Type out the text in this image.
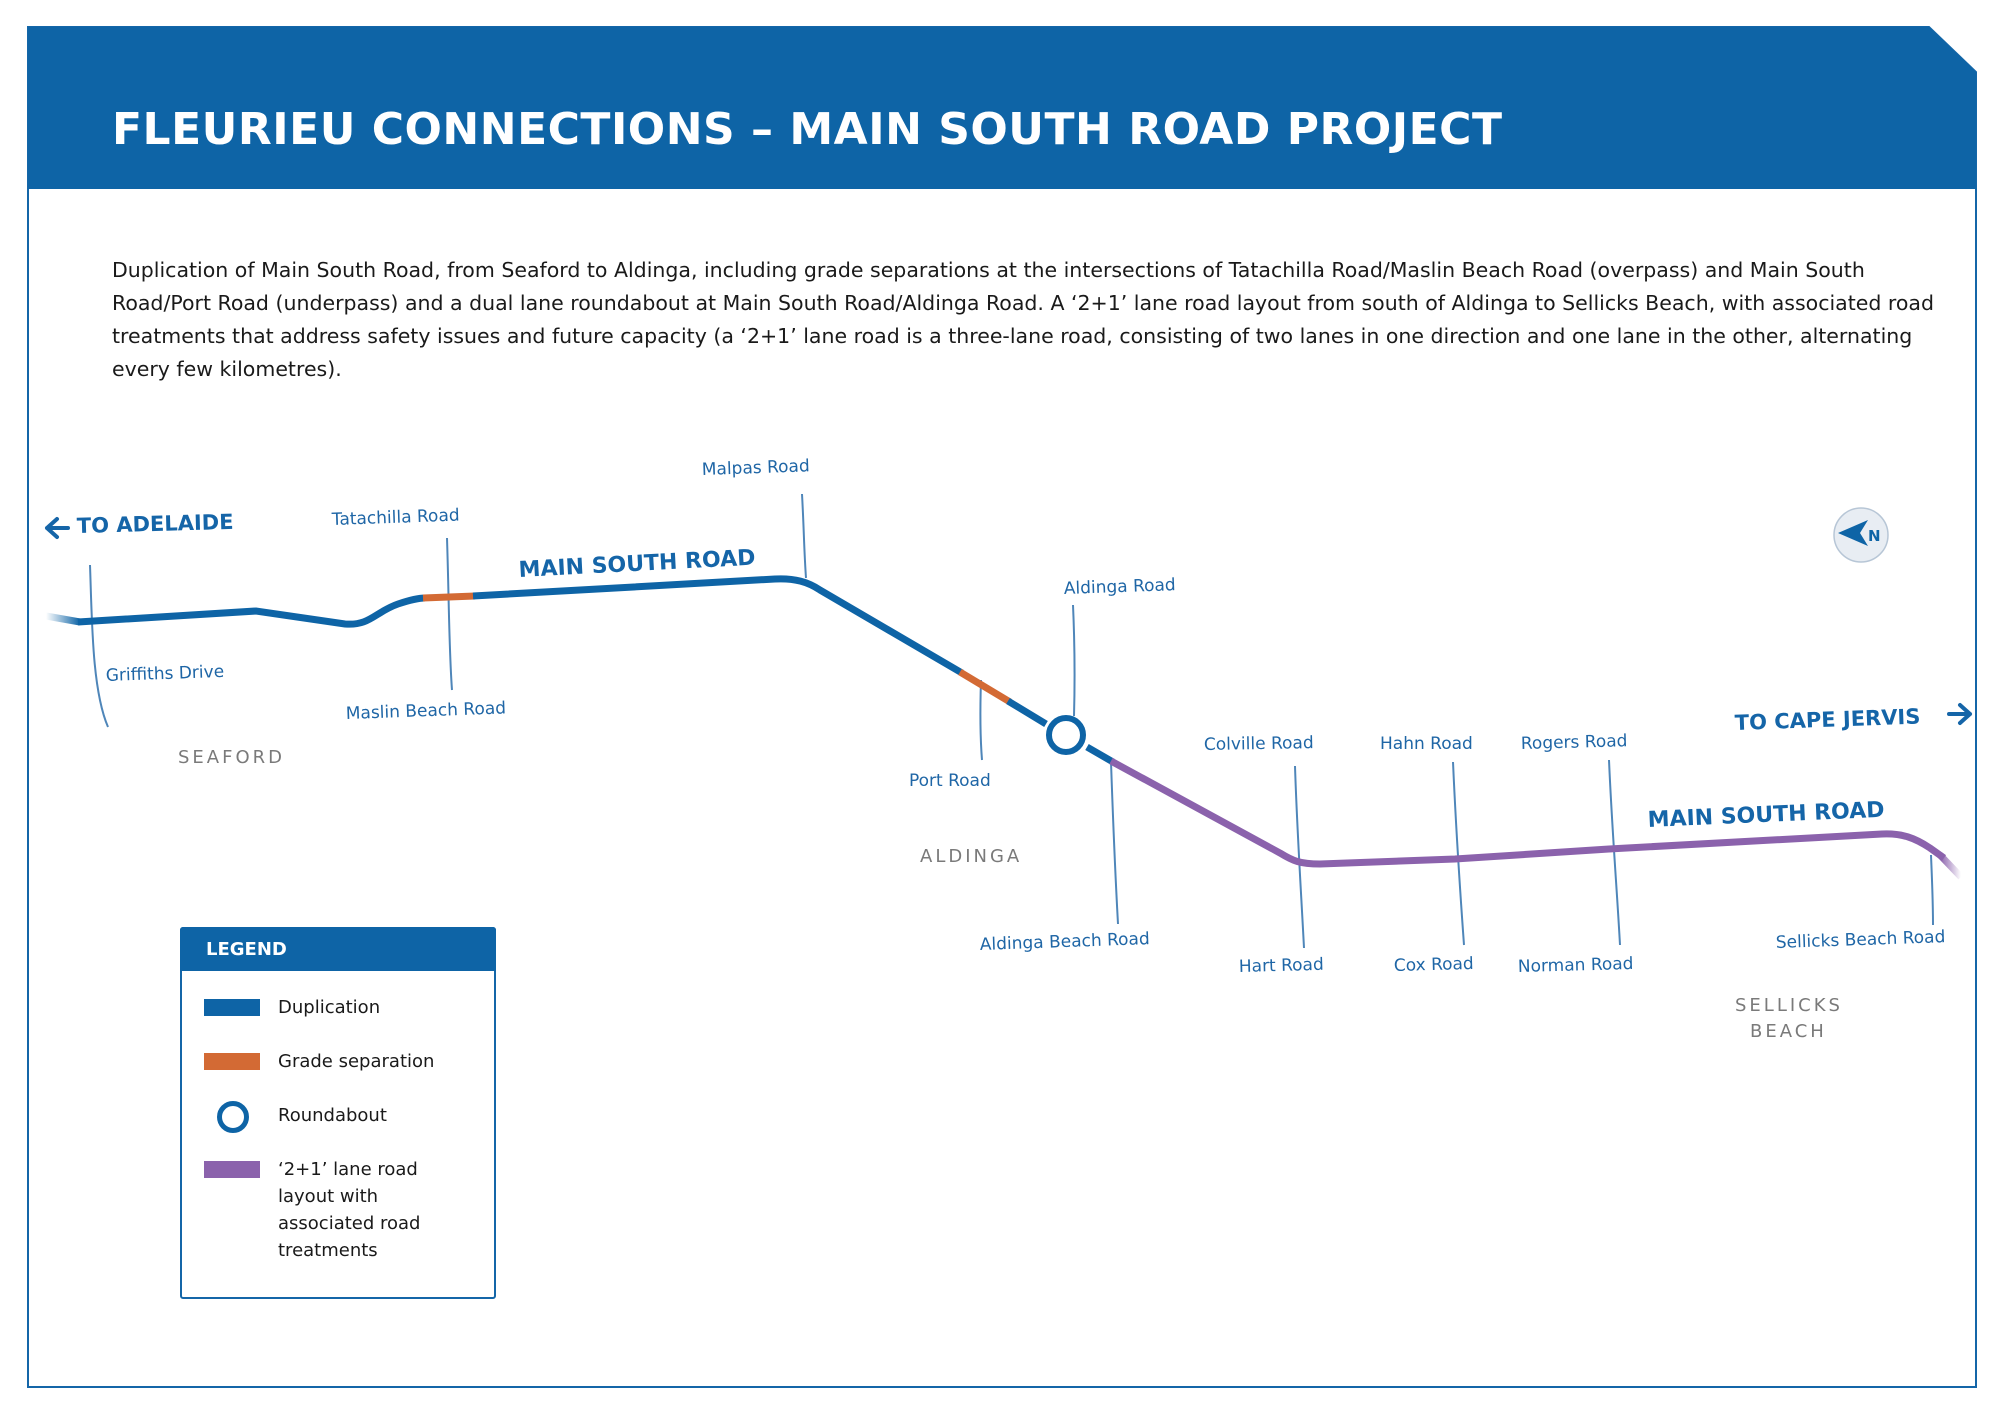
FLEURIEU CONNECTIONS – MAIN SOUTH ROAD PROJECT

Duplication of Main South Road, from Seaford to Aldinga, including grade separations at the intersections of Tatachilla Road/Maslin Beach Road (overpass) and Main South Road/Port Road (underpass) and a dual lane roundabout at Main South Road/Aldinga Road. A ‘2+1’ lane road layout from south of Aldinga to Sellicks Beach, with associated road treatments that address safety issues and future capacity (a ‘2+1’ lane road is a three-lane road, consisting of two lanes in one direction and one lane in the other, alternating every few kilometres).

N
TO ADELAIDE
TO CAPE JERVIS
MAIN SOUTH ROAD
MAIN SOUTH ROAD
Griffiths Drive
Tatachilla Road
Maslin Beach Road
Malpas Road
Aldinga Road
Port Road
Aldinga Beach Road
Colville Road
Hart Road
Hahn Road
Cox Road
Rogers Road
Norman Road
Sellicks Beach Road
SEAFORD
ALDINGA
SELLICKS
BEACH
LEGEND
Duplication
Grade separation
Roundabout
‘2+1’ lane road layout with associated road treatments
